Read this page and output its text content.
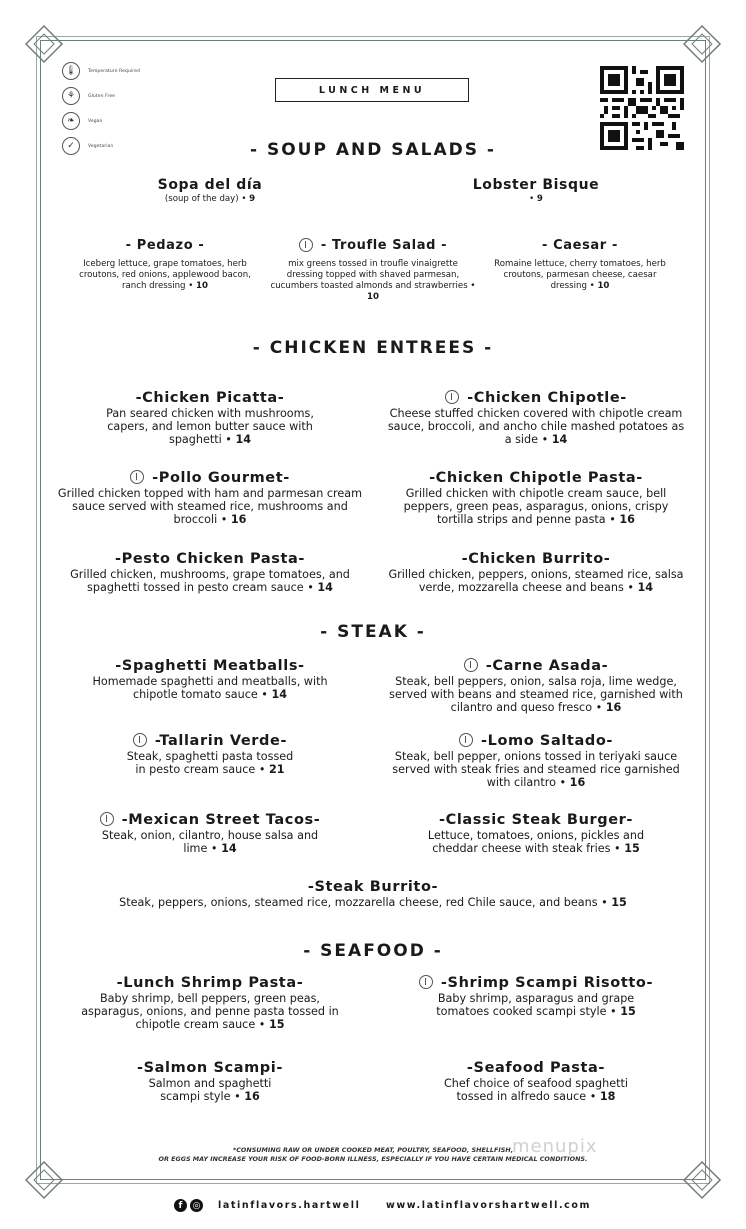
🌡︎	Temperature Required
⚘	Gluten Free
❧	Vegan
✓	Vegetarian
LUNCH MENU
- SOUP AND SALADS -
Sopa del día
(soup of the day) • 9
Lobster Bisque
• 9
- Pedazo -
Iceberg lettuce, grape tomatoes, herb croutons, red onions, applewood bacon, ranch dressing • 10
- Troufle Salad -
mix greens tossed in troufle vinaigrette dressing topped with shaved parmesan, cucumbers toasted almonds and strawberries • 10
- Caesar -
Romaine lettuce, cherry tomatoes, herb croutons, parmesan cheese, caesar dressing • 10
- CHICKEN ENTREES -
-Chicken Picatta-
Pan seared chicken with mushrooms, capers, and lemon butter sauce with spaghetti • 14
-Chicken Chipotle-
Cheese stuffed chicken covered with chipotle cream sauce, broccoli, and ancho chile mashed potatoes as a side • 14
-Pollo Gourmet-
Grilled chicken topped with ham and parmesan cream sauce served with steamed rice, mushrooms and broccoli • 16
-Chicken Chipotle Pasta-
Grilled chicken with chipotle cream sauce, bell peppers, green peas, asparagus, onions, crispy tortilla strips and penne pasta • 16
-Pesto Chicken Pasta-
Grilled chicken, mushrooms, grape tomatoes, and spaghetti tossed in pesto cream sauce • 14
-Chicken Burrito-
Grilled chicken, peppers, onions, steamed rice, salsa verde, mozzarella cheese and beans • 14
- STEAK -
-Spaghetti Meatballs-
Homemade spaghetti and meatballs, with chipotle tomato sauce • 14
-Carne Asada-
Steak, bell peppers, onion, salsa roja, lime wedge, served with beans and steamed rice, garnished with cilantro and queso fresco • 16
-Tallarin Verde-
Steak, spaghetti pasta tossed in pesto cream sauce • 21
-Lomo Saltado-
Steak, bell pepper, onions tossed in teriyaki sauce served with steak fries and steamed rice garnished with cilantro • 16
-Mexican Street Tacos-
Steak, onion, cilantro, house salsa and lime • 14
-Classic Steak Burger-
Lettuce, tomatoes, onions, pickles and cheddar cheese with steak fries • 15
-Steak Burrito-
Steak, peppers, onions, steamed rice, mozzarella cheese, red Chile sauce, and beans • 15
- SEAFOOD -
-Lunch Shrimp Pasta-
Baby shrimp, bell peppers, green peas, asparagus, onions, and penne pasta tossed in chipotle cream sauce • 15
-Shrimp Scampi Risotto-
Baby shrimp, asparagus and grape tomatoes cooked scampi style • 15
-Salmon Scampi-
Salmon and spaghetti scampi style • 16
-Seafood Pasta-
Chef choice of seafood spaghetti tossed in alfredo sauce • 18
menupix
*CONSUMING RAW OR UNDER COOKED MEAT, POULTRY, SEAFOOD, SHELLFISH,
OR EGGS MAY INCREASE YOUR RISK OF FOOD-BORN ILLNESS, ESPECIALLY IF YOU HAVE CERTAIN MEDICAL CONDITIONS.
f	◎ latinflavors.hartwell	www.latinflavorshartwell.com
